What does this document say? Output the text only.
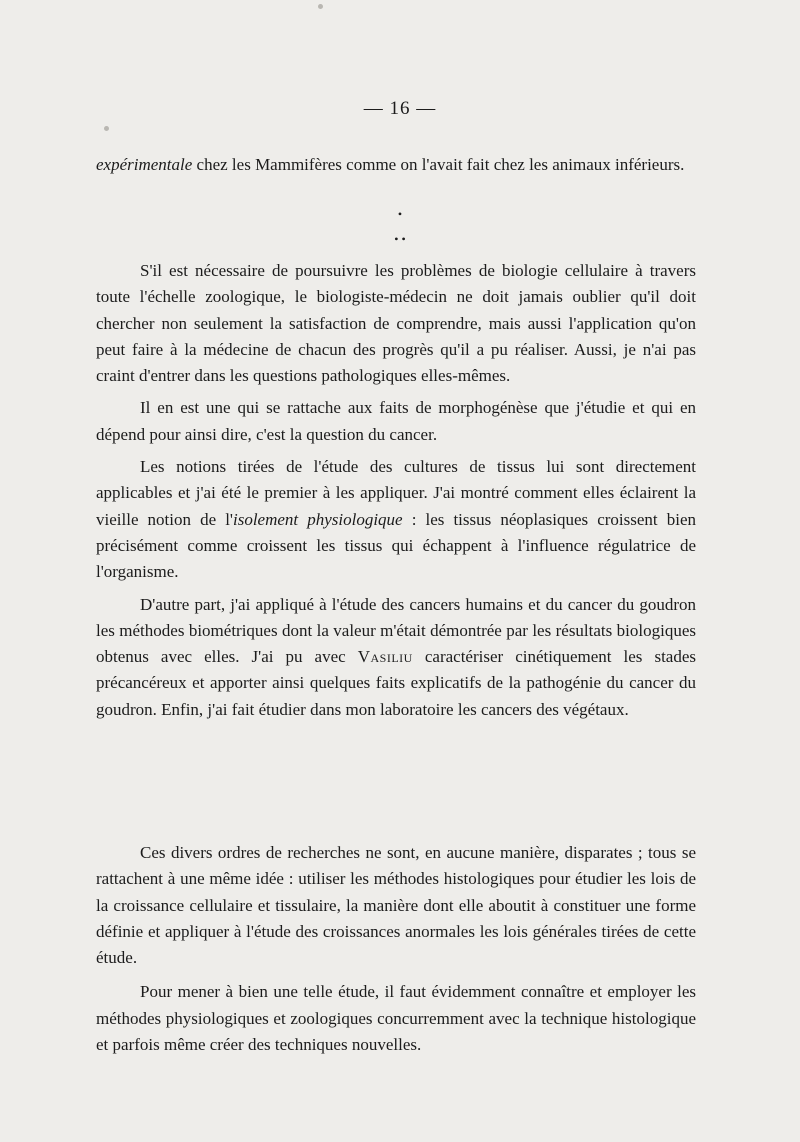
— 16 —

expérimentale chez les Mammifères comme on l'avait fait chez les animaux inférieurs.

•
• •

S'il est nécessaire de poursuivre les problèmes de biologie cellulaire à travers toute l'échelle zoologique, le biologiste-médecin ne doit jamais oublier qu'il doit chercher non seulement la satisfaction de comprendre, mais aussi l'application qu'on peut faire à la médecine de chacun des progrès qu'il a pu réaliser. Aussi, je n'ai pas craint d'entrer dans les questions pathologiques elles-mêmes.

Il en est une qui se rattache aux faits de morphogénèse que j'étudie et qui en dépend pour ainsi dire, c'est la question du cancer.

Les notions tirées de l'étude des cultures de tissus lui sont directement applicables et j'ai été le premier à les appliquer. J'ai montré comment elles éclairent la vieille notion de l'isolement physiologique : les tissus néoplasiques croissent bien précisément comme croissent les tissus qui échappent à l'influence régulatrice de l'organisme.

D'autre part, j'ai appliqué à l'étude des cancers humains et du cancer du goudron les méthodes biométriques dont la valeur m'était démontrée par les résultats biologiques obtenus avec elles. J'ai pu avec Vasiliu caractériser cinétiquement les stades précancéreux et apporter ainsi quelques faits explicatifs de la pathogénie du cancer du goudron. Enfin, j'ai fait étudier dans mon laboratoire les cancers des végétaux.

Ces divers ordres de recherches ne sont, en aucune manière, disparates ; tous se rattachent à une même idée : utiliser les méthodes histologiques pour étudier les lois de la croissance cellulaire et tissulaire, la manière dont elle aboutit à constituer une forme définie et appliquer à l'étude des croissances anormales les lois générales tirées de cette étude.

Pour mener à bien une telle étude, il faut évidemment connaître et employer les méthodes physiologiques et zoologiques concurremment avec la technique histologique et parfois même créer des techniques nouvelles.
